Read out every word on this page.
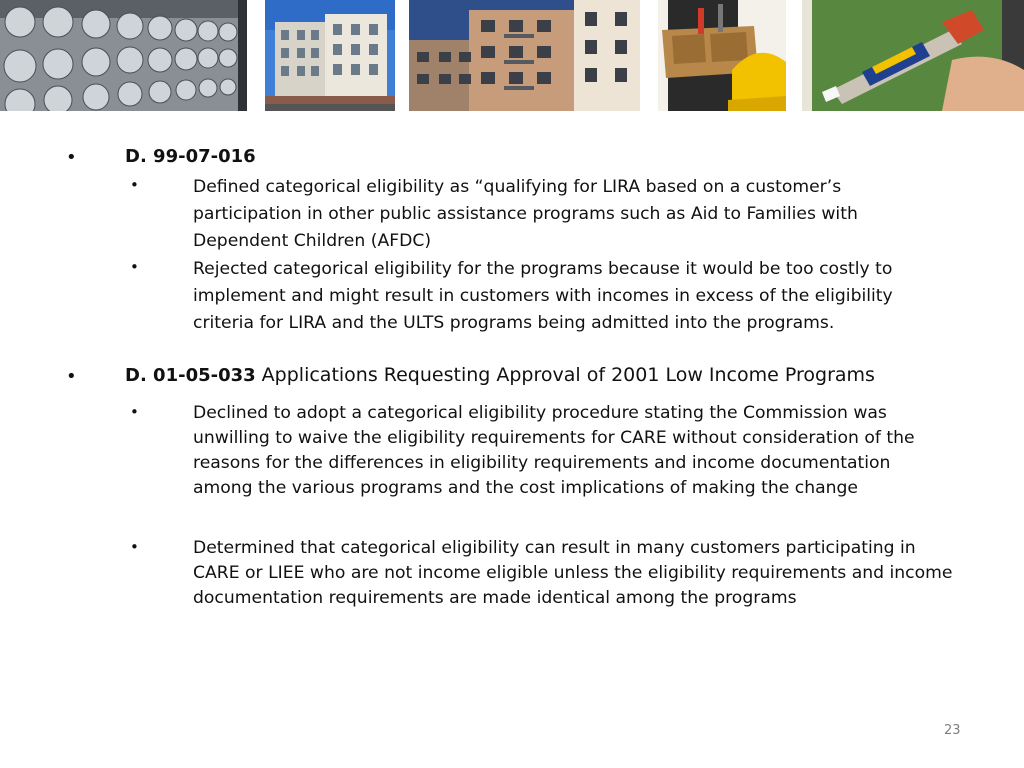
•	D. 99-07-016
•	Defined categorical eligibility as “qualifying for LIRA based on a customer’s participation in other public assistance programs such as Aid to Families with Dependent Children (AFDC)
•	Rejected categorical eligibility for the programs because it would be too costly to implement and might result in customers with incomes in excess of the eligibility criteria for LIRA and the ULTS programs being admitted into the programs.
•	D. 01-05-033 Applications Requesting Approval of 2001 Low Income Programs
•	Declined to adopt a categorical eligibility procedure stating the Commission was unwilling to waive the eligibility requirements for CARE without consideration of the reasons for the differences in eligibility requirements and income documentation among the various programs and the cost implications of making the change
•	Determined that categorical eligibility can result in many customers participating in CARE or LIEE who are not income eligible unless the eligibility requirements and income documentation requirements are made identical among the programs
23
